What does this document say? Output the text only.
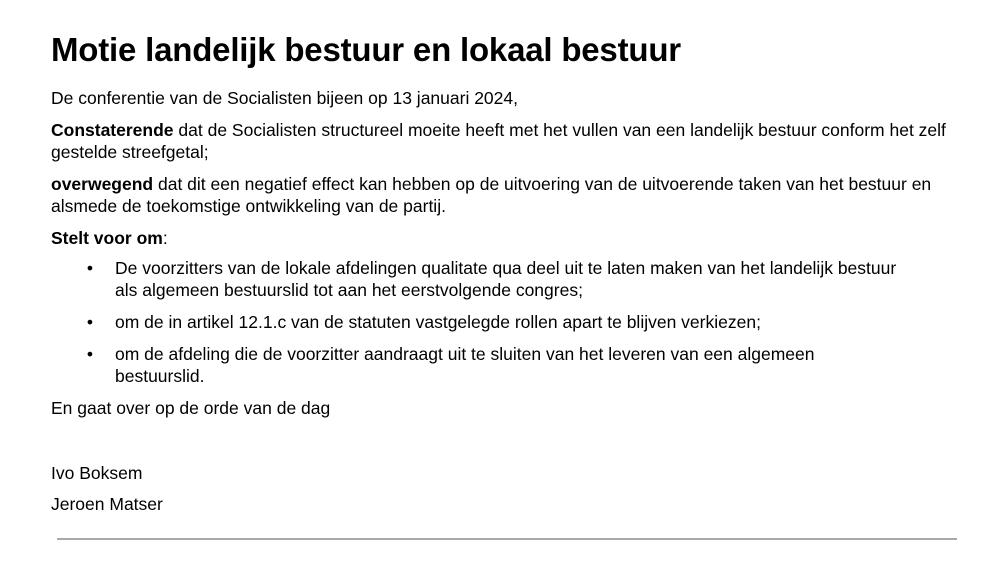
Motie landelijk bestuur en lokaal bestuur

De conferentie van de Socialisten bijeen op 13 januari 2024,

Constaterende dat de Socialisten structureel moeite heeft met het vullen van een landelijk bestuur conform het zelf gestelde streefgetal;

overwegend dat dit een negatief effect kan hebben op de uitvoering van de uitvoerende taken van het bestuur en alsmede de toekomstige ontwikkeling van de partij.

Stelt voor om:

• De voorzitters van de lokale afdelingen qualitate qua deel uit te laten maken van het landelijk bestuur als algemeen bestuurslid tot aan het eerstvolgende congres;
• om de in artikel 12.1.c van de statuten vastgelegde rollen apart te blijven verkiezen;
• om de afdeling die de voorzitter aandraagt uit te sluiten van het leveren van een algemeen bestuurslid.

En gaat over op de orde van de dag

Ivo Boksem

Jeroen Matser
